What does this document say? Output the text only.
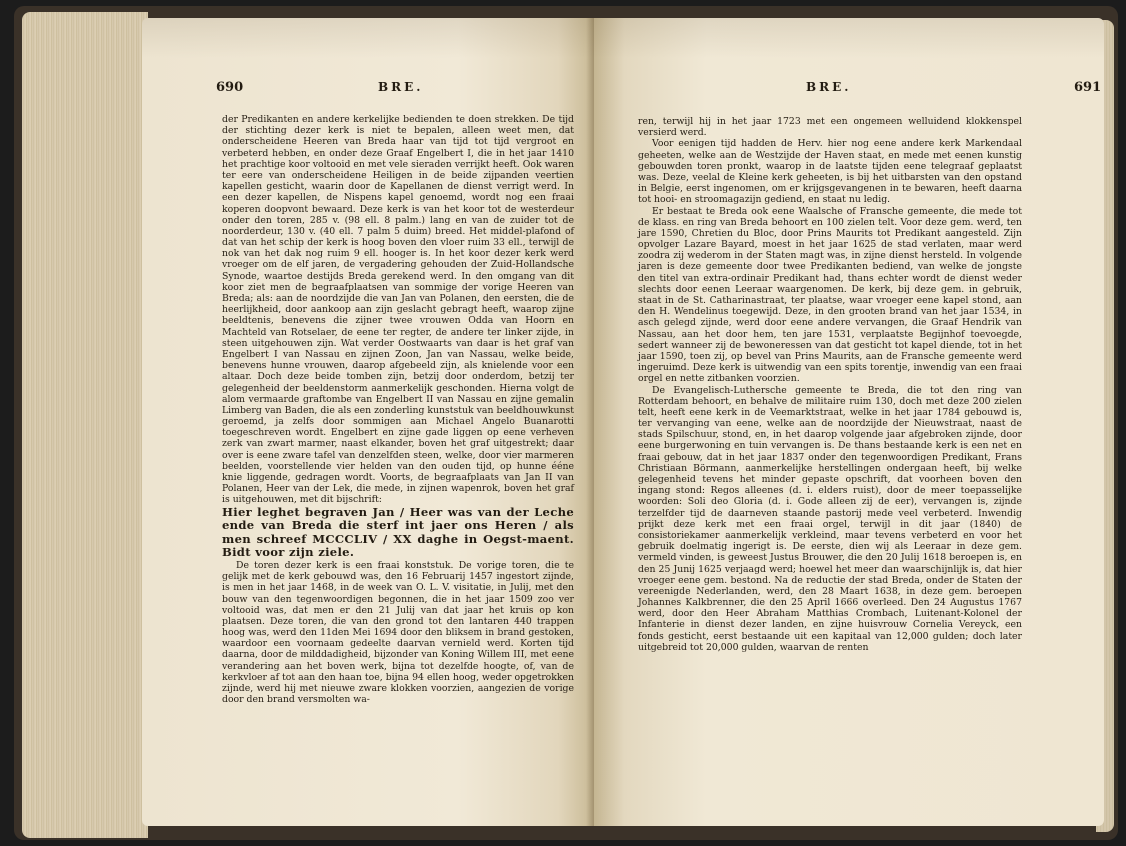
690	BRE.

der Predikanten en andere kerkelijke bedienden te doen strekken. De tijd der stichting dezer kerk is niet te bepalen, alleen weet men, dat onderscheidene Heeren van Breda haar van tijd tot tijd vergroot en verbeterd hebben, en onder deze Graaf Engelbert I, die in het jaar 1410 het prachtige koor voltooid en met vele sieraden verrijkt heeft. Ook waren ter eere van onderscheidene Heiligen in de beide zijpanden veertien kapellen gesticht, waarin door de Kapellanen de dienst verrigt werd. In een dezer kapellen, de Nispens kapel genoemd, wordt nog een fraai koperen doopvont bewaard. Deze kerk is van het koor tot de westerdeur onder den toren, 285 v. (98 ell. 8 palm.) lang en van de zuider tot de noorderdeur, 130 v. (40 ell. 7 palm 5 duim) breed. Het middel-plafond of dat van het schip der kerk is hoog boven den vloer ruim 33 ell., terwijl de nok van het dak nog ruim 9 ell. hooger is. In het koor dezer kerk werd vroeger om de elf jaren, de vergadering gehouden der Zuid-Hollandsche Synode, waartoe destijds Breda gerekend werd. In den omgang van dit koor ziet men de begraafplaatsen van sommige der vorige Heeren van Breda; als: aan de noordzijde die van Jan van Polanen, den eersten, die de heerlijkheid, door aankoop aan zijn geslacht gebragt heeft, waarop zijne beeldtenis, benevens die zijner twee vrouwen Odda van Hoorn en Machteld van Rotselaer, de eene ter regter, de andere ter linker zijde, in steen uitgehouwen zijn. Wat verder Oostwaarts van daar is het graf van Engelbert I van Nassau en zijnen Zoon, Jan van Nassau, welke beide, benevens hunne vrouwen, daarop afgebeeld zijn, als knielende voor een altaar. Doch deze beide tomben zijn, betzij door onderdom, betzij ter gelegenheid der beeldenstorm aanmerkelijk geschonden. Hierna volgt de alom vermaarde graftombe van Engelbert II van Nassau en zijne gemalin Limberg van Baden, die als een zonderling kunststuk van beeldhouwkunst geroemd, ja zelfs door sommigen aan Michael Angelo Buanarotti toegeschreven wordt. Engelbert en zijne gade liggen op eene verheven zerk van zwart marmer, naast elkander, boven het graf uitgestrekt; daar over is eene zware tafel van denzelfden steen, welke, door vier marmeren beelden, voorstellende vier helden van den ouden tijd, op hunne ééne knie liggende, gedragen wordt. Voorts, de begraafplaats van Jan II van Polanen, Heer van der Lek, die mede, in zijnen wapenrok, boven het graf is uitgehouwen, met dit bijschrift:

Hier leghet begraven Jan / Heer was van der Leche ende van Breda die sterf int jaer ons Heren / als men schreef MCCCLIV / XX daghe in Oegst-maent. Bidt voor zijn ziele.

De toren dezer kerk is een fraai konststuk. De vorige toren, die te gelijk met de kerk gebouwd was, den 16 Februarij 1457 ingestort zijnde, is men in het jaar 1468, in de week van O. L. V. visitatie, in Julij, met den bouw van den tegenwoordigen begonnen, die in het jaar 1509 zoo ver voltooid was, dat men er den 21 Julij van dat jaar het kruis op kon plaatsen. Deze toren, die van den grond tot den lantaren 440 trappen hoog was, werd den 11den Mei 1694 door den bliksem in brand gestoken, waardoor een voornaam gedeelte daarvan vernield werd. Korten tijd daarna, door de milddadigheid, bijzonder van Koning Willem III, met eene verandering aan het boven werk, bijna tot dezelfde hoogte, of, van de kerkvloer af tot aan den haan toe, bijna 94 ellen hoog, weder opgetrokken zijnde, werd hij met nieuwe zware klokken voorzien, aangezien de vorige door den brand versmolten wa-

BRE.	691

ren, terwijl hij in het jaar 1723 met een ongemeen welluidend klokkenspel versierd werd.

Voor eenigen tijd hadden de Herv. hier nog eene andere kerk Markendaal geheeten, welke aan de Westzijde der Haven staat, en mede met eenen kunstig gebouwden toren pronkt, waarop in de laatste tijden eene telegraaf geplaatst was. Deze, veelal de Kleine kerk geheeten, is bij het uitbarsten van den opstand in Belgie, eerst ingenomen, om er krijgsgevangenen in te bewaren, heeft daarna tot hooi- en stroomagazijn gediend, en staat nu ledig.

Er bestaat te Breda ook eene Waalsche of Fransche gemeente, die mede tot de klass. en ring van Breda behoort en 100 zielen telt. Voor deze gem. werd, ten jare 1590, Chretien du Bloc, door Prins Maurits tot Predikant aangesteld. Zijn opvolger Lazare Bayard, moest in het jaar 1625 de stad verlaten, maar werd zoodra zij wederom in der Staten magt was, in zijne dienst hersteld. In volgende jaren is deze gemeente door twee Predikanten bediend, van welke de jongste den titel van extra-ordinair Predikant had, thans echter wordt de dienst weder slechts door eenen Leeraar waargenomen. De kerk, bij deze gem. in gebruik, staat in de St. Catharinastraat, ter plaatse, waar vroeger eene kapel stond, aan den H. Wendelinus toegewijd. Deze, in den grooten brand van het jaar 1534, in asch gelegd zijnde, werd door eene andere vervangen, die Graaf Hendrik van Nassau, aan het door hem, ten jare 1531, verplaatste Begijnhof toevoegde, sedert wanneer zij de bewoneressen van dat gesticht tot kapel diende, tot in het jaar 1590, toen zij, op bevel van Prins Maurits, aan de Fransche gemeente werd ingeruimd. Deze kerk is uitwendig van een spits torentje, inwendig van een fraai orgel en nette zitbanken voorzien.

De Evangelisch-Luthersche gemeente te Breda, die tot den ring van Rotterdam behoort, en behalve de militaire ruim 130, doch met deze 200 zielen telt, heeft eene kerk in de Veemarktstraat, welke in het jaar 1784 gebouwd is, ter vervanging van eene, welke aan de noordzijde der Nieuwstraat, naast de stads Spilschuur, stond, en, in het daarop volgende jaar afgebroken zijnde, door eene burgerwoning en tuin vervangen is. De thans bestaande kerk is een net en fraai gebouw, dat in het jaar 1837 onder den tegenwoordigen Predikant, Frans Christiaan Börmann, aanmerkelijke herstellingen ondergaan heeft, bij welke gelegenheid tevens het minder gepaste opschrift, dat voorheen boven den ingang stond: Regos alleenes (d. i. elders ruist), door de meer toepasselijke woorden: Soli deo Gloria (d. i. Gode alleen zij de eer), vervangen is, zijnde terzelfder tijd de daarneven staande pastorij mede veel verbeterd. Inwendig prijkt deze kerk met een fraai orgel, terwijl in dit jaar (1840) de consistoriekamer aanmerkelijk verkleind, maar tevens verbeterd en voor het gebruik doelmatig ingerigt is. De eerste, dien wij als Leeraar in deze gem. vermeld vinden, is geweest Justus Brouwer, die den 20 Julij 1618 beroepen is, en den 25 Junij 1625 verjaagd werd; hoewel het meer dan waarschijnlijk is, dat hier vroeger eene gem. bestond. Na de reductie der stad Breda, onder de Staten der vereenigde Nederlanden, werd, den 28 Maart 1638, in deze gem. beroepen Johannes Kalkbrenner, die den 25 April 1666 overleed. Den 24 Augustus 1767 werd, door den Heer Abraham Matthias Crombach, Luitenant-Kolonel der Infanterie in dienst dezer landen, en zijne huisvrouw Cornelia Vereyck, een fonds gesticht, eerst bestaande uit een kapitaal van 12,000 gulden; doch later uitgebreid tot 20,000 gulden, waarvan de renten
